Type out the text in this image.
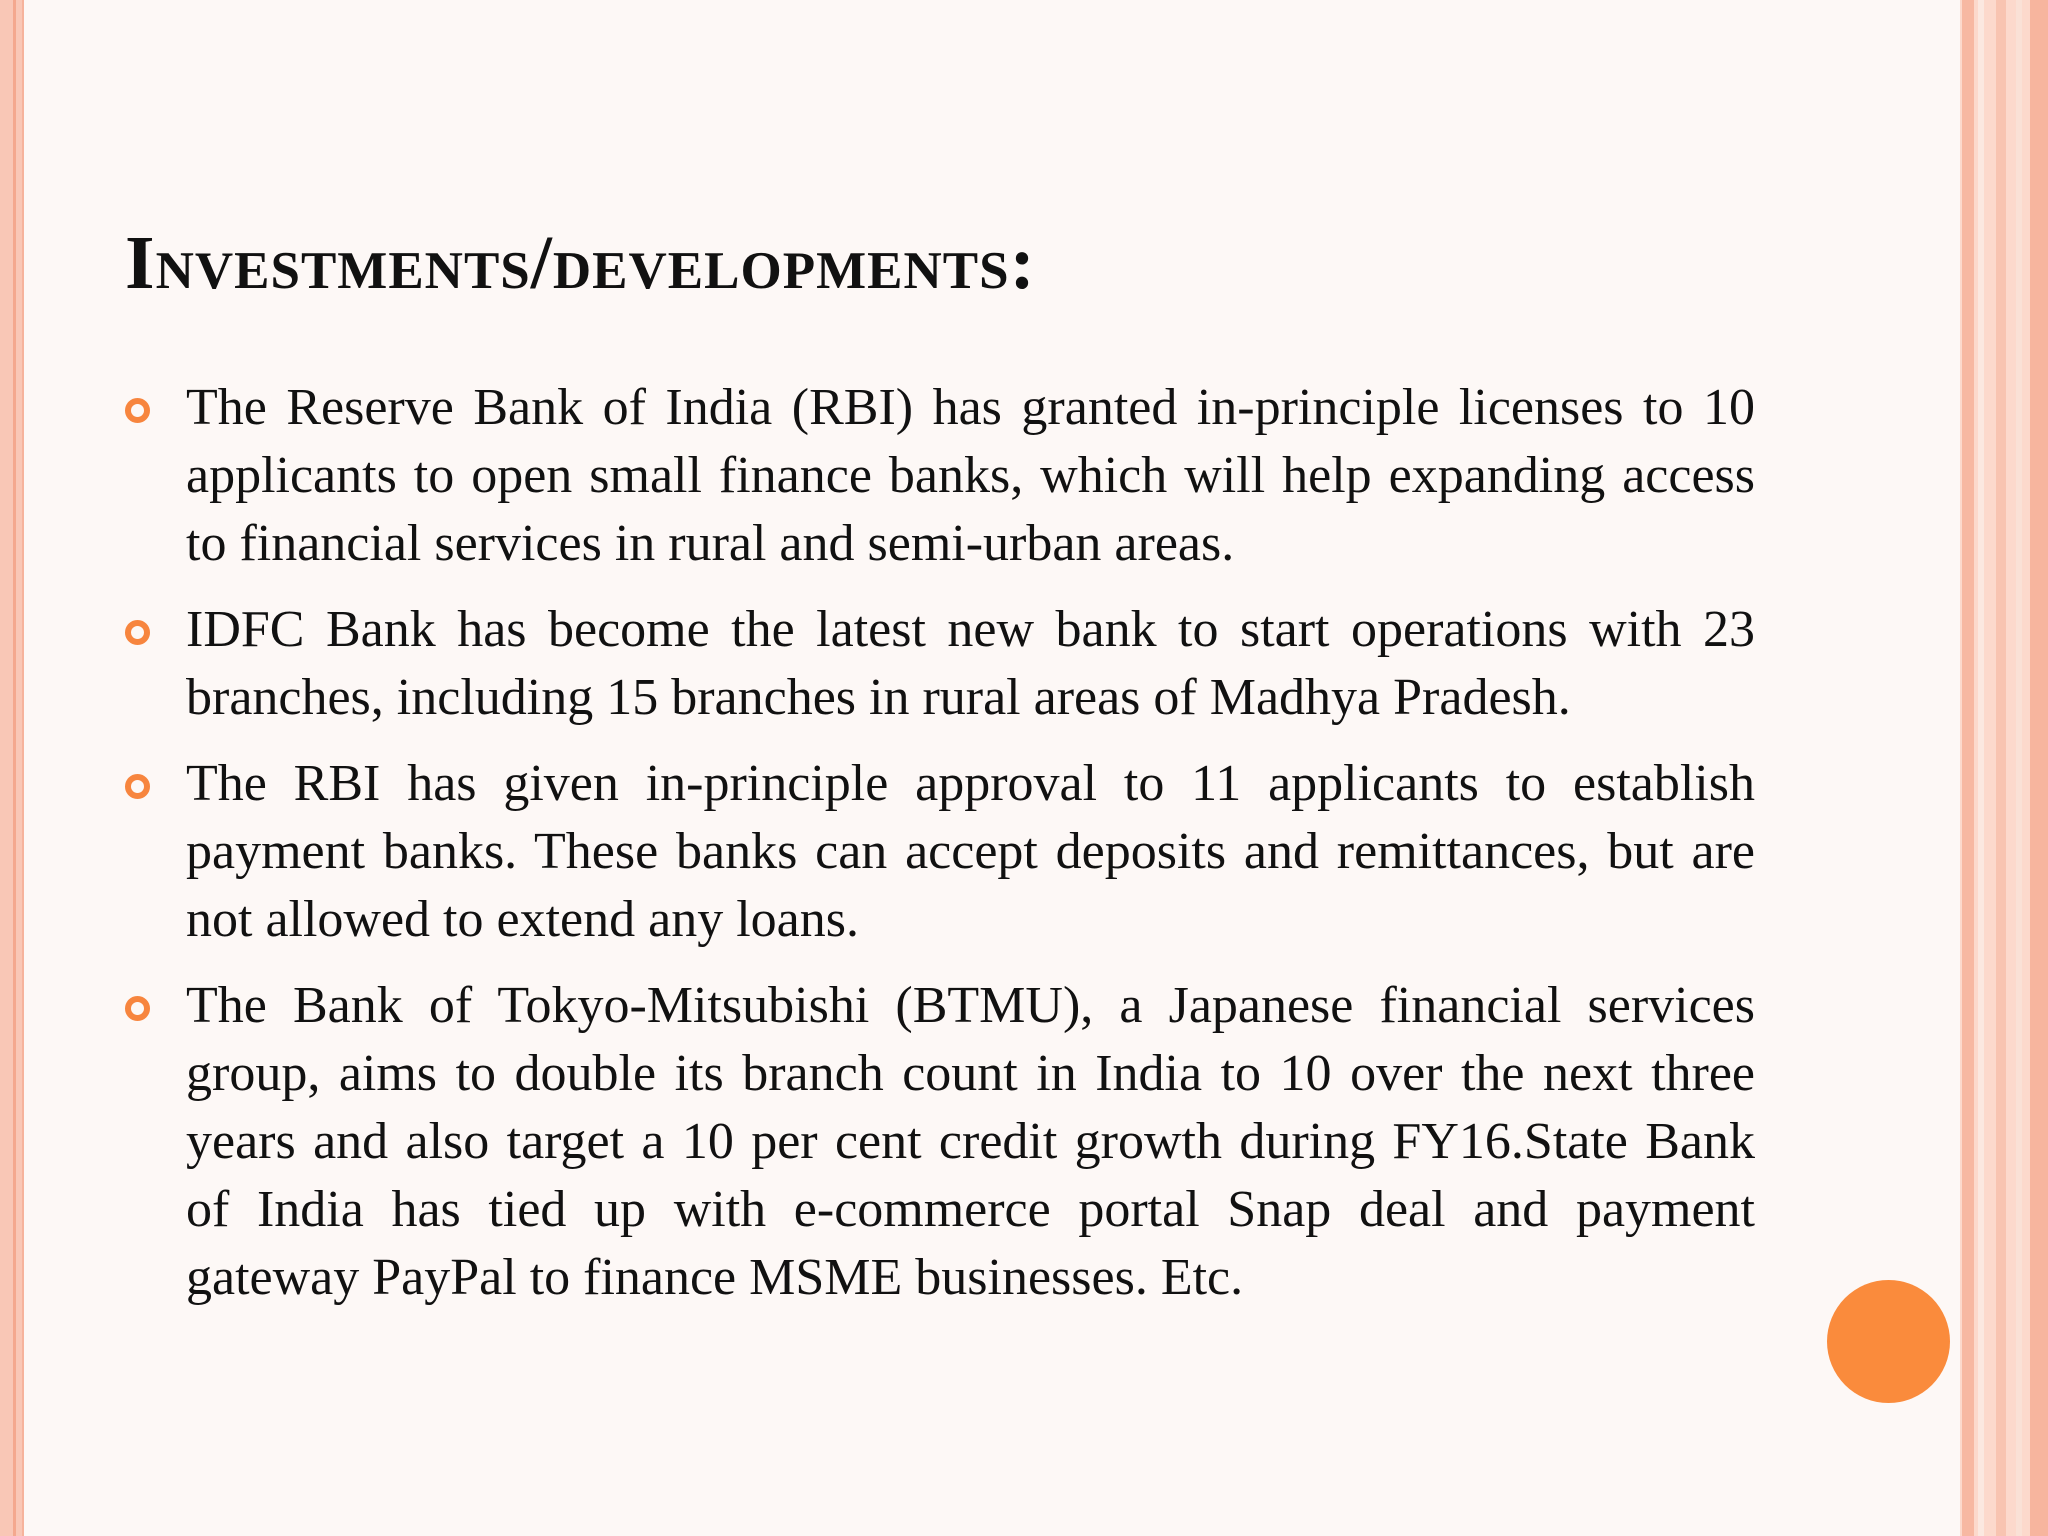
Investments/developments:
The Reserve Bank of India (RBI) has granted in-principle licenses to 10 applicants to open small finance banks, which will help expanding access to financial services in rural and semi-urban areas.
IDFC Bank has become the latest new bank to start operations with 23 branches, including 15 branches in rural areas of Madhya Pradesh.
The RBI has given in-principle approval to 11 applicants to establish payment banks. These banks can accept deposits and remittances, but are not allowed to extend any loans.
The Bank of Tokyo-Mitsubishi (BTMU), a Japanese financial services group, aims to double its branch count in India to 10 over the next three years and also target a 10 per cent credit growth during FY16.State Bank of India has tied up with e-commerce portal Snap deal and payment gateway PayPal to finance MSME businesses. Etc.
